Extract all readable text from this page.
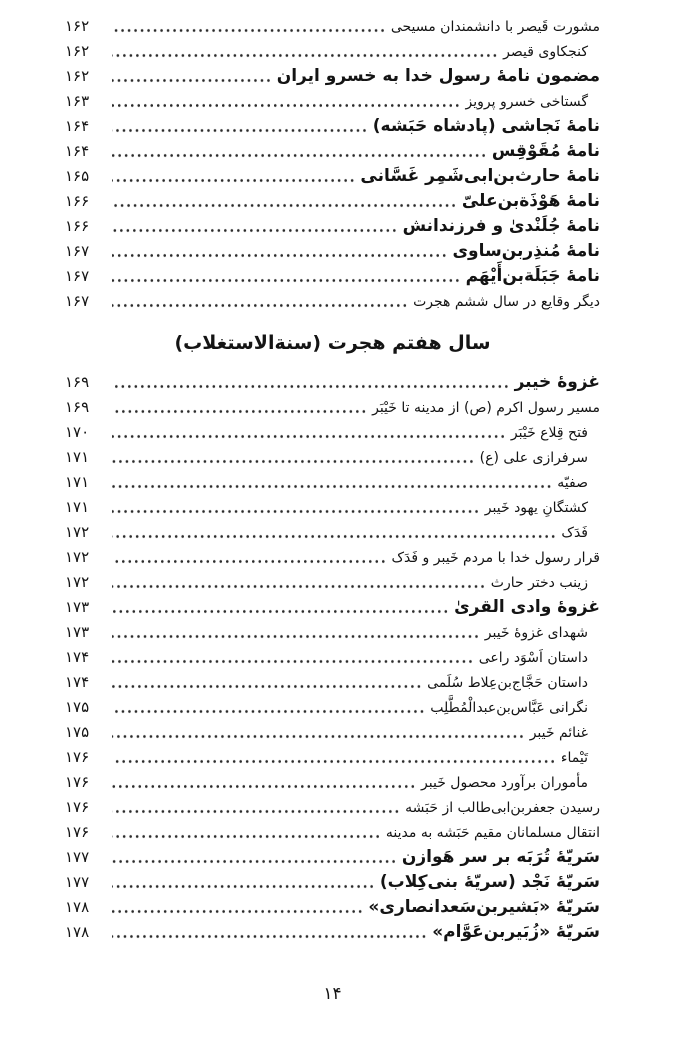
مشورت قَیصر با دانشمندان مسیحی
۱۶۲
کنجکاوی قیصر
۱۶۲
مضمون نامهٔ رسول خدا به خسرو ایران
۱۶۲
گستاخی خسرو پرویز
۱۶۳
نامهٔ نَجاشی (پادشاه حَبَشه)
۱۶۴
نامهٔ مُقَوْقِس
۱۶۴
نامهٔ حارث‌بن‌ابی‌شَمِر غَسَّانی
۱۶۵
نامهٔ هَوْذَة‌بن‌علیّ
۱۶۶
نامهٔ جُلَنْدیٰ و فرزندانش
۱۶۶
نامهٔ مُنذِربن‌ساوی
۱۶۷
نامهٔ جَبَلَة‌بن‌أَیْهَم
۱۶۷
دیگر وقایع در سال ششم هجرت
۱۶۷
سال هفتم هجرت (سنةالاستغلاب)
غزوهٔ خیبر
۱۶۹
مسیر رسول اکرم (ص) از مدینه تا خَیْبَر
۱۶۹
فتح قِلاع خَیْبَر
۱۷۰
سرفرازی علی (ع)
۱۷۱
صفیّه
۱۷۱
کشتگانِ یهود خَیبر
۱۷۱
فَدَک
۱۷۲
قرار رسول خدا با مردم خَیبر و فَدَک
۱۷۲
زینب دختر حارث
۱۷۲
غزوهٔ وادی القریٰ
۱۷۳
شهدای غزوهٔ خَیبر
۱۷۳
داستان اَسْوَد راعی
۱۷۴
داستان حَجَّاج‌بن‌عِلاط سُلَمی
۱۷۴
نگرانی عَبَّاس‌بن‌عبدالْمُطَّلِب
۱۷۵
غنائم خَیبر
۱۷۵
تَیْماء
۱۷۶
مأموران برآورد محصول خَیبر
۱۷۶
رسیدن جعفربن‌ابی‌طالب از حَبَشه
۱۷۶
انتقال مسلمانان مقیم حَبَشه به مدینه
۱۷۶
سَریّهٔ تُرَبَه بر سر هَوازن
۱۷۷
سَریّهٔ نَجْد (سریّهٔ بنی‌کِلاب)
۱۷۷
سَریّهٔ «بَشیربن‌سَعدانصاری»
۱۷۸
سَریّهٔ «زُبَیربن‌عَوَّام»
۱۷۸
۱۴
